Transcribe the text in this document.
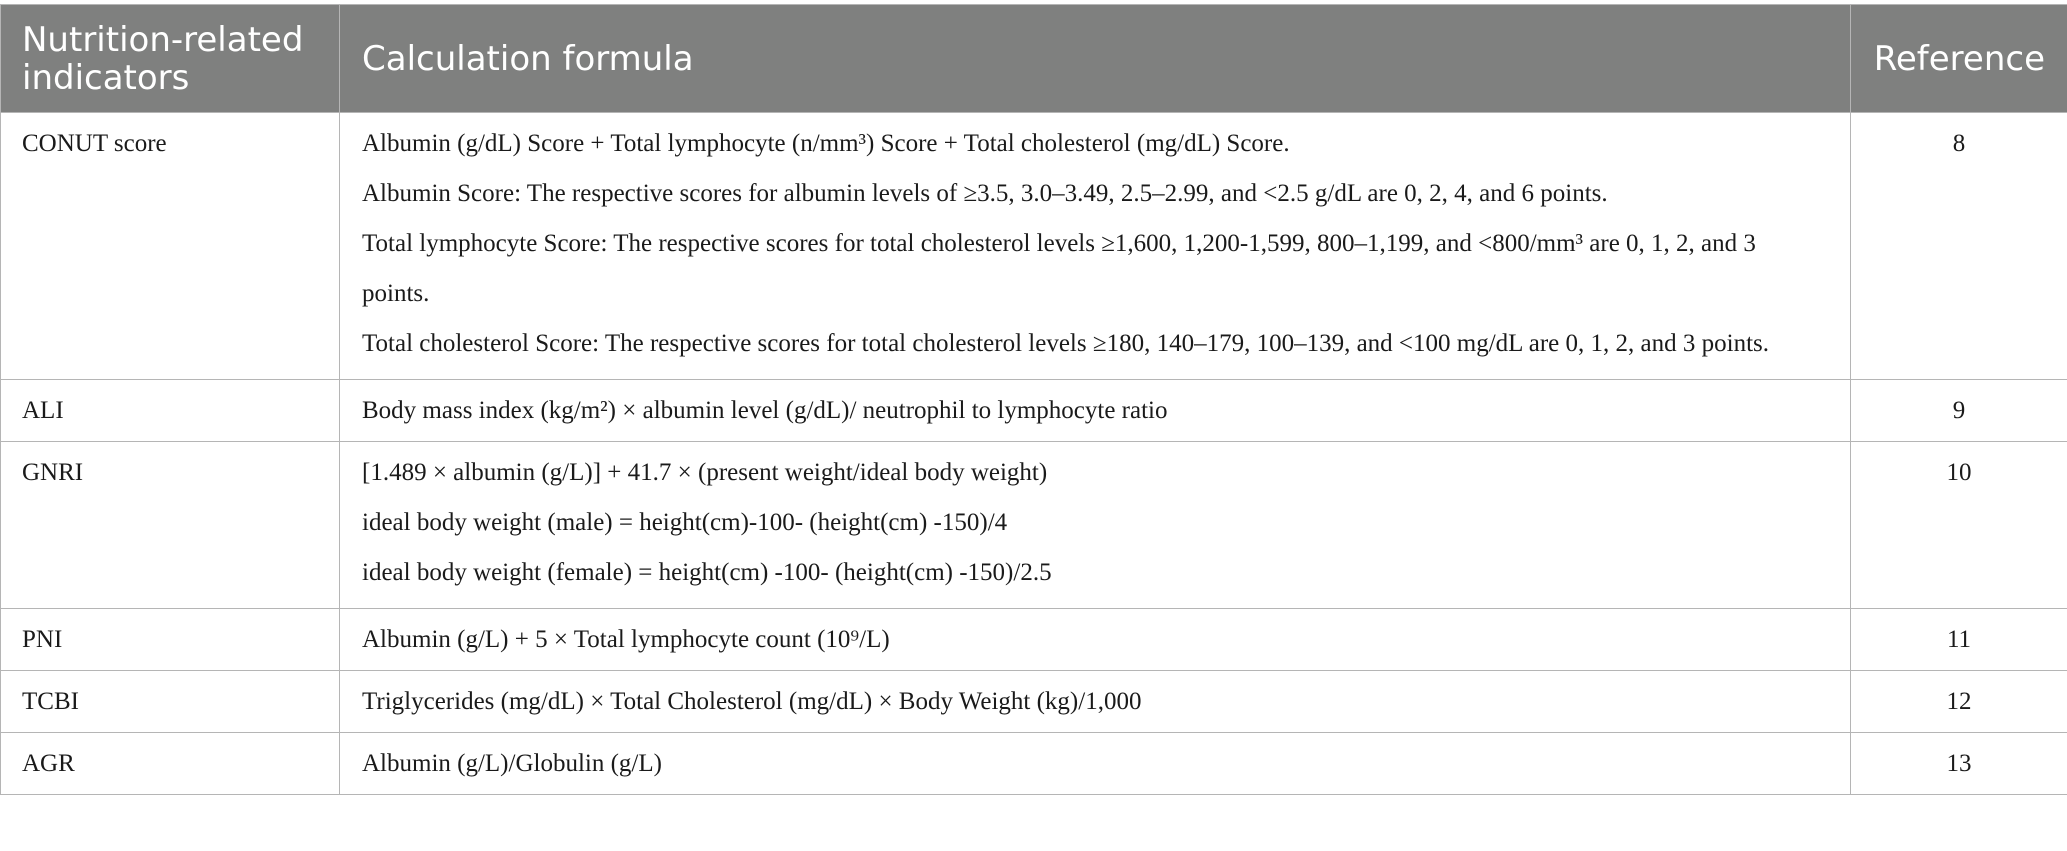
Nutrition-related indicators	Calculation formula	Reference
CONUT score	Albumin (g/dL) Score + Total lymphocyte (n/mm³) Score + Total cholesterol (mg/dL) Score.
Albumin Score: The respective scores for albumin levels of ≥3.5, 3.0–3.49, 2.5–2.99, and <2.5 g/dL are 0, 2, 4, and 6 points.
Total lymphocyte Score: The respective scores for total cholesterol levels ≥1,600, 1,200-1,599, 800–1,199, and <800/mm³ are 0, 1, 2, and 3 points.
Total cholesterol Score: The respective scores for total cholesterol levels ≥180, 140–179, 100–139, and <100 mg/dL are 0, 1, 2, and 3 points.	8
ALI	Body mass index (kg/m²) × albumin level (g/dL)/ neutrophil to lymphocyte ratio	9
GNRI	[1.489 × albumin (g/L)] + 41.7 × (present weight/ideal body weight)
ideal body weight (male) = height(cm)-100- (height(cm) -150)/4
ideal body weight (female) = height(cm) -100- (height(cm) -150)/2.5	10
PNI	Albumin (g/L) + 5 × Total lymphocyte count (10⁹/L)	11
TCBI	Triglycerides (mg/dL) × Total Cholesterol (mg/dL) × Body Weight (kg)/1,000	12
AGR	Albumin (g/L)/Globulin (g/L)	13
